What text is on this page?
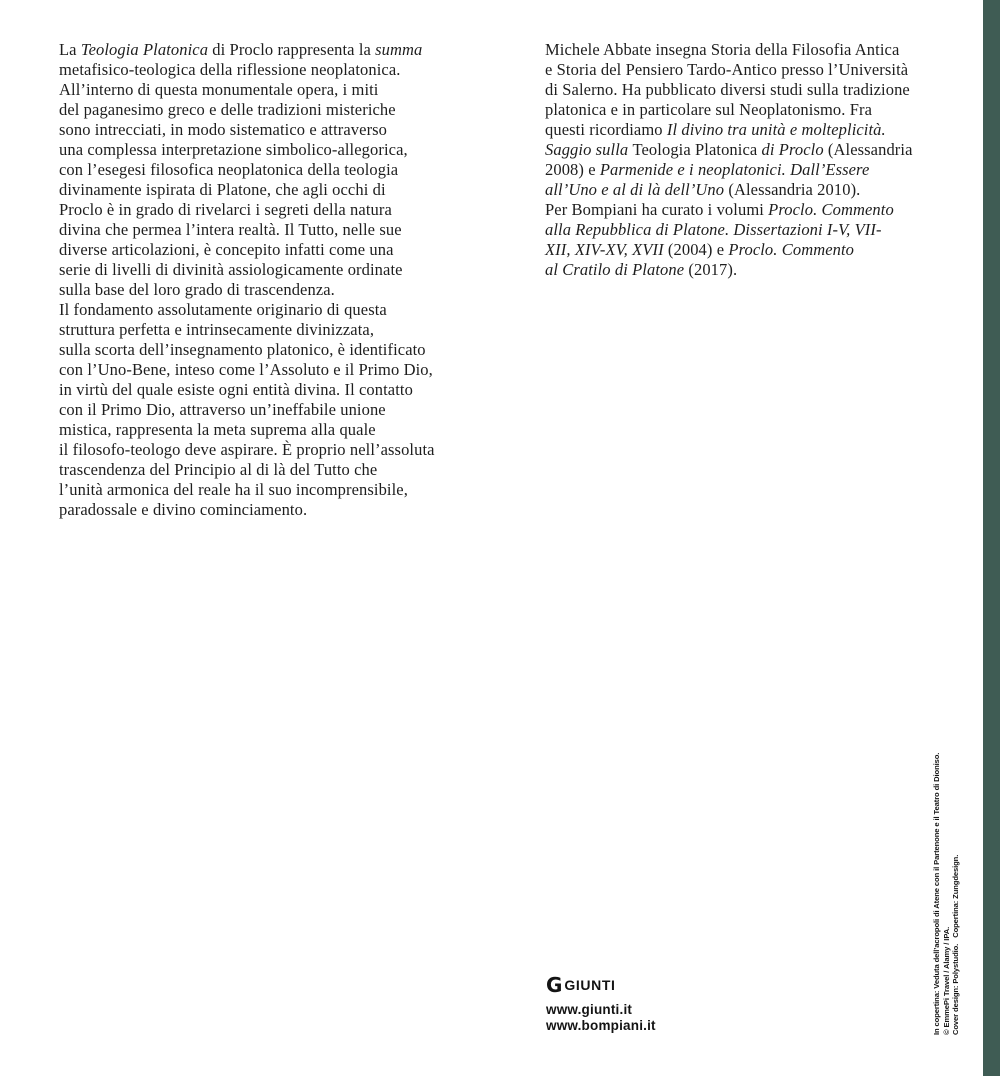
La Teologia Platonica di Proclo rappresenta la summa
metafisico-teologica della riflessione neoplatonica.
All’interno di questa monumentale opera, i miti
del paganesimo greco e delle tradizioni misteriche
sono intrecciati, in modo sistematico e attraverso
una complessa interpretazione simbolico-allegorica,
con l’esegesi filosofica neoplatonica della teologia
divinamente ispirata di Platone, che agli occhi di
Proclo è in grado di rivelarci i segreti della natura
divina che permea l’intera realtà. Il Tutto, nelle sue
diverse articolazioni, è concepito infatti come una
serie di livelli di divinità assiologicamente ordinate
sulla base del loro grado di trascendenza.
Il fondamento assolutamente originario di questa
struttura perfetta e intrinsecamente divinizzata,
sulla scorta dell’insegnamento platonico, è identificato
con l’Uno-Bene, inteso come l’Assoluto e il Primo Dio,
in virtù del quale esiste ogni entità divina. Il contatto
con il Primo Dio, attraverso un’ineffabile unione
mistica, rappresenta la meta suprema alla quale
il filosofo-teologo deve aspirare. È proprio nell’assoluta
trascendenza del Principio al di là del Tutto che
l’unità armonica del reale ha il suo incomprensibile,
paradossale e divino cominciamento.
Michele Abbate insegna Storia della Filosofia Antica
e Storia del Pensiero Tardo-Antico presso l’Università
di Salerno. Ha pubblicato diversi studi sulla tradizione
platonica e in particolare sul Neoplatonismo. Fra
questi ricordiamo Il divino tra unità e molteplicità.
Saggio sulla Teologia Platonica di Proclo (Alessandria
2008) e Parmenide e i neoplatonici. Dall’Essere
all’Uno e al di là dell’Uno (Alessandria 2010).
Per Bompiani ha curato i volumi Proclo. Commento
alla Repubblica di Platone. Dissertazioni I-V, VII-
XII, XIV-XV, XVII (2004) e Proclo. Commento
al Cratilo di Platone (2017).
In copertina: Veduta dell’acropoli di Atene con il Partenone e il Teatro di Dioniso. © EmmePi Travel / Alamy / IPA. Cover design: Polystudio.   Copertina: Zungdesign.
G GIUNTI
www.giunti.it
www.bompiani.it
